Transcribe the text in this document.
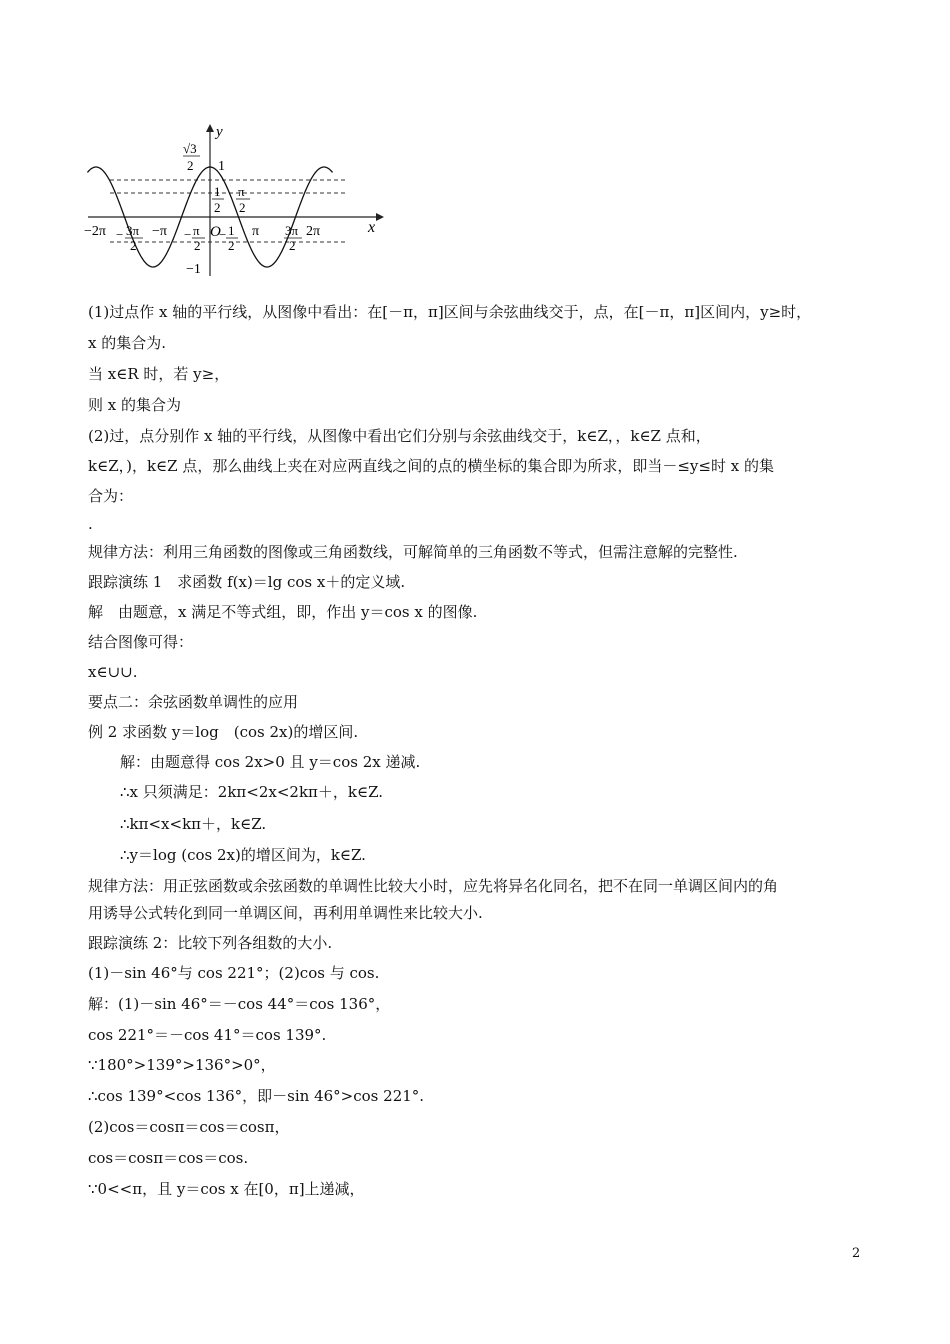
y
x
O
√3
2 1
−1
1
2
π
2
π
2
−	1
2
− π
−π
−2π 3π
2
−	3π
2
2π
(1)过点作 x 轴的平行线，从图像中看出：在[－π，π]区间与余弦曲线交于，点，在[－π，π]区间内，y≥时，
x 的集合为.
当 x∈R 时，若 y≥，
则 x 的集合为
(2)过，点分别作 x 轴的平行线，从图像中看出它们分别与余弦曲线交于，k∈Z，，k∈Z 点和，
k∈Z，)，k∈Z 点，那么曲线上夹在对应两直线之间的点的横坐标的集合即为所求，即当－≤y≤时 x 的集
合为：
.
规律方法：利用三角函数的图像或三角函数线，可解简单的三角函数不等式，但需注意解的完整性.
跟踪演练 1　求函数 f(x)＝lg cos x＋的定义域.
解　由题意，x 满足不等式组，即，作出 y＝cos x 的图像.
结合图像可得：
x∈∪∪.
要点二：余弦函数单调性的应用
例 2 求函数 y＝log　(cos 2x)的增区间.
解：由题意得 cos 2x>0 且 y＝cos 2x 递减.
∴x 只须满足：2kπ<2x<2kπ＋，k∈Z.
∴kπ<x<kπ＋，k∈Z.
∴y＝log (cos 2x)的增区间为，k∈Z.
规律方法：用正弦函数或余弦函数的单调性比较大小时，应先将异名化同名，把不在同一单调区间内的角
用诱导公式转化到同一单调区间，再利用单调性来比较大小.
跟踪演练 2：比较下列各组数的大小.
(1)－sin 46°与 cos 221°；(2)cos 与 cos.
解：(1)－sin 46°＝－cos 44°＝cos 136°，
cos 221°＝－cos 41°＝cos 139°.
∵180°>139°>136°>0°，
∴cos 139°<cos 136°，即－sin 46°>cos 221°.
(2)cos＝cosπ＝cos＝cosπ，
cos＝cosπ＝cos＝cos.
∵0<<π，且 y＝cos x 在[0，π]上递减，
2
